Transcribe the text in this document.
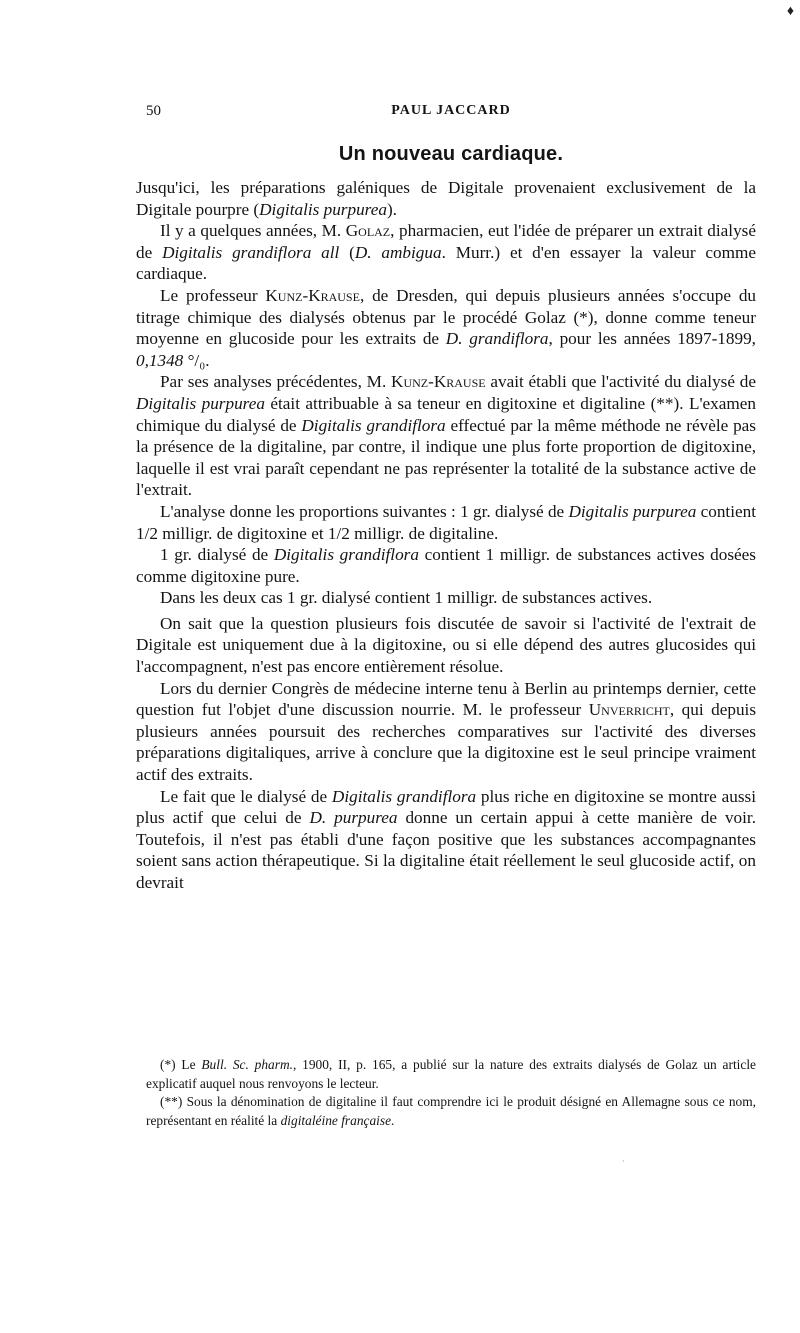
♦
50	PAUL JACCARD
Un nouveau cardiaque.

Jusqu'ici, les préparations galéniques de Digitale provenaient exclusivement de la Digitale pourpre (Digitalis purpurea).

Il y a quelques années, M. Golaz, pharmacien, eut l'idée de préparer un extrait dialysé de Digitalis grandiflora all (D. ambigua. Murr.) et d'en essayer la valeur comme cardiaque.

Le professeur Kunz-Krause, de Dresden, qui depuis plusieurs années s'occupe du titrage chimique des dialysés obtenus par le procédé Golaz (*), donne comme teneur moyenne en glucoside pour les extraits de D. grandiflora, pour les années 1897-1899, 0,1348 °/₀.

Par ses analyses précédentes, M. Kunz-Krause avait établi que l'activité du dialysé de Digitalis purpurea était attribuable à sa teneur en digitoxine et digitaline (**). L'examen chimique du dialysé de Digitalis grandiflora effectué par la même méthode ne révèle pas la présence de la digitaline, par contre, il indique une plus forte proportion de digitoxine, laquelle il est vrai paraît cependant ne pas représenter la totalité de la substance active de l'extrait.

L'analyse donne les proportions suivantes : 1 gr. dialysé de Digitalis purpurea contient 1/2 milligr. de digitoxine et 1/2 milligr. de digitaline.

1 gr. dialysé de Digitalis grandiflora contient 1 milligr. de substances actives dosées comme digitoxine pure.

Dans les deux cas 1 gr. dialysé contient 1 milligr. de substances actives.

On sait que la question plusieurs fois discutée de savoir si l'activité de l'extrait de Digitale est uniquement due à la digitoxine, ou si elle dépend des autres glucosides qui l'accompagnent, n'est pas encore entièrement résolue.

Lors du dernier Congrès de médecine interne tenu à Berlin au printemps dernier, cette question fut l'objet d'une discussion nourrie. M. le professeur Unverricht, qui depuis plusieurs années poursuit des recherches comparatives sur l'activité des diverses préparations digitaliques, arrive à conclure que la digitoxine est le seul principe vraiment actif des extraits.

Le fait que le dialysé de Digitalis grandiflora plus riche en digitoxine se montre aussi plus actif que celui de D. purpurea donne un certain appui à cette manière de voir. Toutefois, il n'est pas établi d'une façon positive que les substances accompagnantes soient sans action thérapeutique. Si la digitaline était réellement le seul glucoside actif, on devrait

(*) Le Bull. Sc. pharm., 1900, II, p. 165, a publié sur la nature des extraits dialysés de Golaz un article explicatif auquel nous renvoyons le lecteur.

(**) Sous la dénomination de digitaline il faut comprendre ici le produit désigné en Allemagne sous ce nom, représentant en réalité la digitaléine française.

·
